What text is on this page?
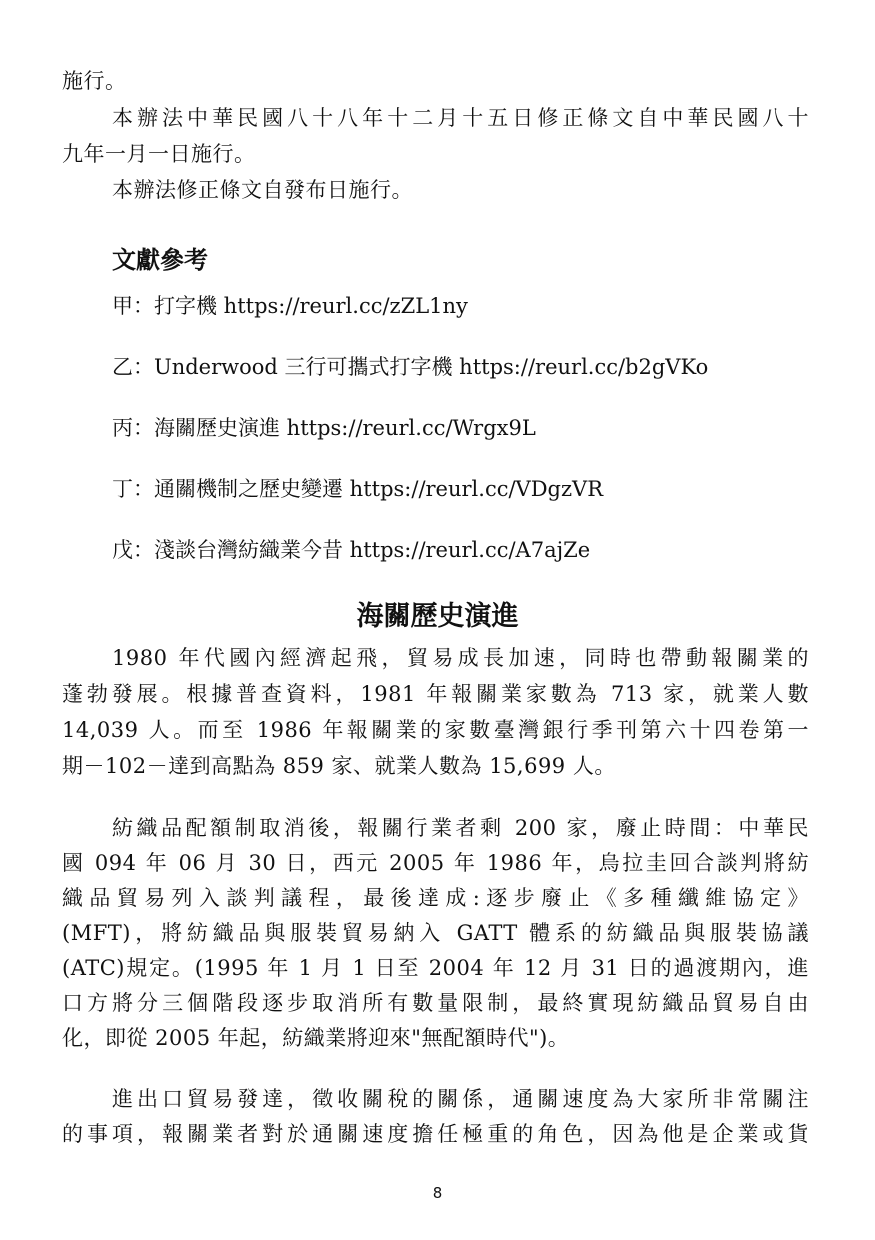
施行。
本辦法中華民國八十八年十二月十五日修正條文自中華民國八十
九年一月一日施行。
本辦法修正條文自發布日施行。
文獻參考
甲：打字機 https://reurl.cc/zZL1ny
乙：Underwood 三行可攜式打字機 https://reurl.cc/b2gVKo
丙：海關歷史演進 https://reurl.cc/Wrgx9L
丁：通關機制之歷史變遷 https://reurl.cc/VDgzVR
戊：淺談台灣紡織業今昔 https://reurl.cc/A7ajZe
海關歷史演進
1980 年代國內經濟起飛，貿易成長加速，同時也帶動報關業的
蓬勃發展。根據普查資料，1981 年報關業家數為 713 家，就業人數
14,039 人。而至 1986 年報關業的家數臺灣銀行季刊第六十四卷第一
期－102－達到高點為 859 家、就業人數為 15,699 人。
紡織品配額制取消後，報關行業者剩 200 家，廢止時間：中華民
國 094 年 06 月 30 日，西元 2005 年 1986 年，烏拉圭回合談判將紡
織品貿易列入談判議程，最後達成:逐步廢止《多種纖維協定》
(MFT)，將紡織品與服裝貿易納入 GATT 體系的紡織品與服裝協議
(ATC)規定。(1995 年 1 月 1 日至 2004 年 12 月 31 日的過渡期內，進
口方將分三個階段逐步取消所有數量限制，最終實現紡織品貿易自由
化，即從 2005 年起，紡織業將迎來"無配額時代")。
進出口貿易發達，徵收關稅的關係，通關速度為大家所非常關注
的事項，報關業者對於通關速度擔任極重的角色，因為他是企業或貨
8
